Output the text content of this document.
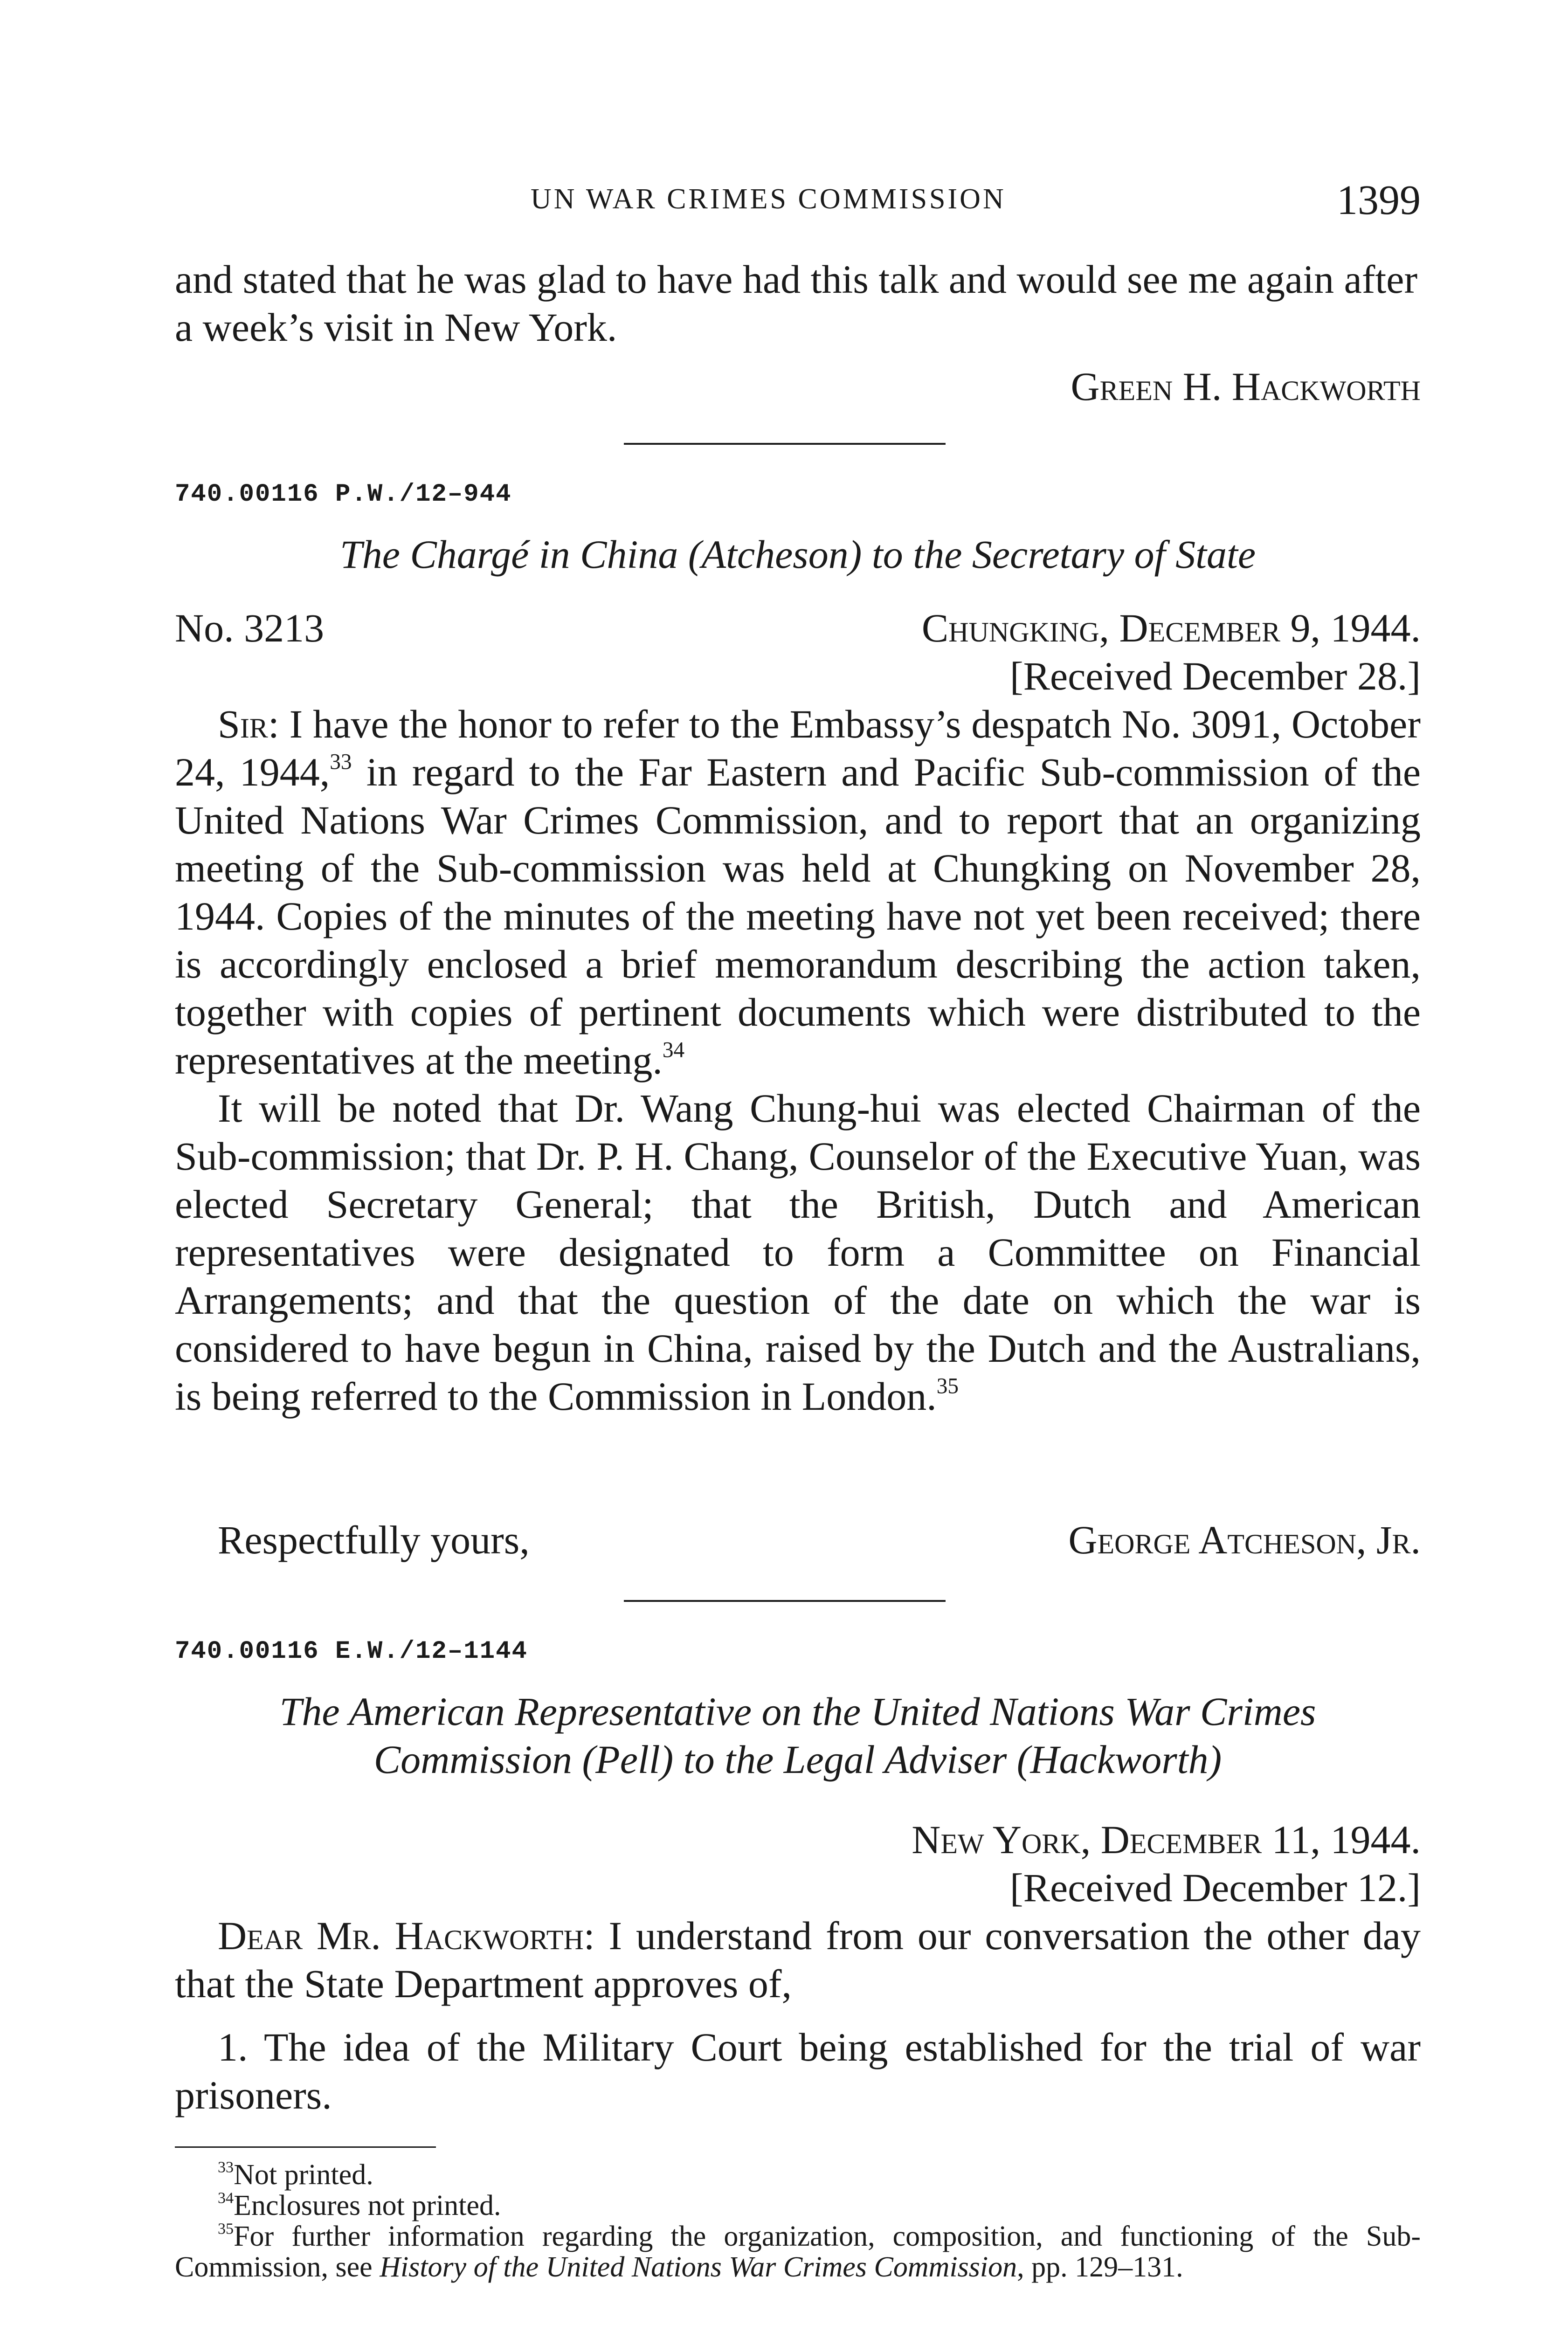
UN WAR CRIMES COMMISSION	1399

and stated that he was glad to have had this talk and would see me again after a week’s visit in New York.

Green H. Hackworth
740.00116 P.W./12–944
The Chargé in China (Atcheson) to the Secretary of State
No. 3213	Chungking, December 9, 1944.
[Received December 28.]

Sir: I have the honor to refer to the Embassy’s despatch No. 3091, October 24, 1944,33 in regard to the Far Eastern and Pacific Sub-commission of the United Nations War Crimes Commission, and to report that an organizing meeting of the Sub-commission was held at Chungking on November 28, 1944. Copies of the minutes of the meeting have not yet been received; there is accordingly enclosed a brief memorandum describing the action taken, together with copies of pertinent documents which were distributed to the representatives at the meeting.$^{34}$

It will be noted that Dr. Wang Chung-hui was elected Chairman of the Sub-commission; that Dr. P. H. Chang, Counselor of the Executive Yuan, was elected Secretary General; that the British, Dutch and American representatives were designated to form a Committee on Financial Arrangements; and that the question of the date on which the war is considered to have begun in China, raised by the Dutch and the Australians, is being referred to the Commission in London.$^{35}$

Respectfully yours,	George Atcheson, Jr.
740.00116 E.W./12–1144
The American Representative on the United Nations War Crimes
Commission (Pell) to the Legal Adviser (Hackworth)
New York, December 11, 1944.
[Received December 12.]

Dear Mr. Hackworth: I understand from our conversation the other day that the State Department approves of,

1. The idea of the Military Court being established for the trial of war prisoners.

$^{33}$Not printed.

$^{34}$Enclosures not printed.

$^{35}$For further information regarding the organization, composition, and functioning of the Sub-Commission, see History of the United Nations War Crimes Commission, pp. 129–131.
